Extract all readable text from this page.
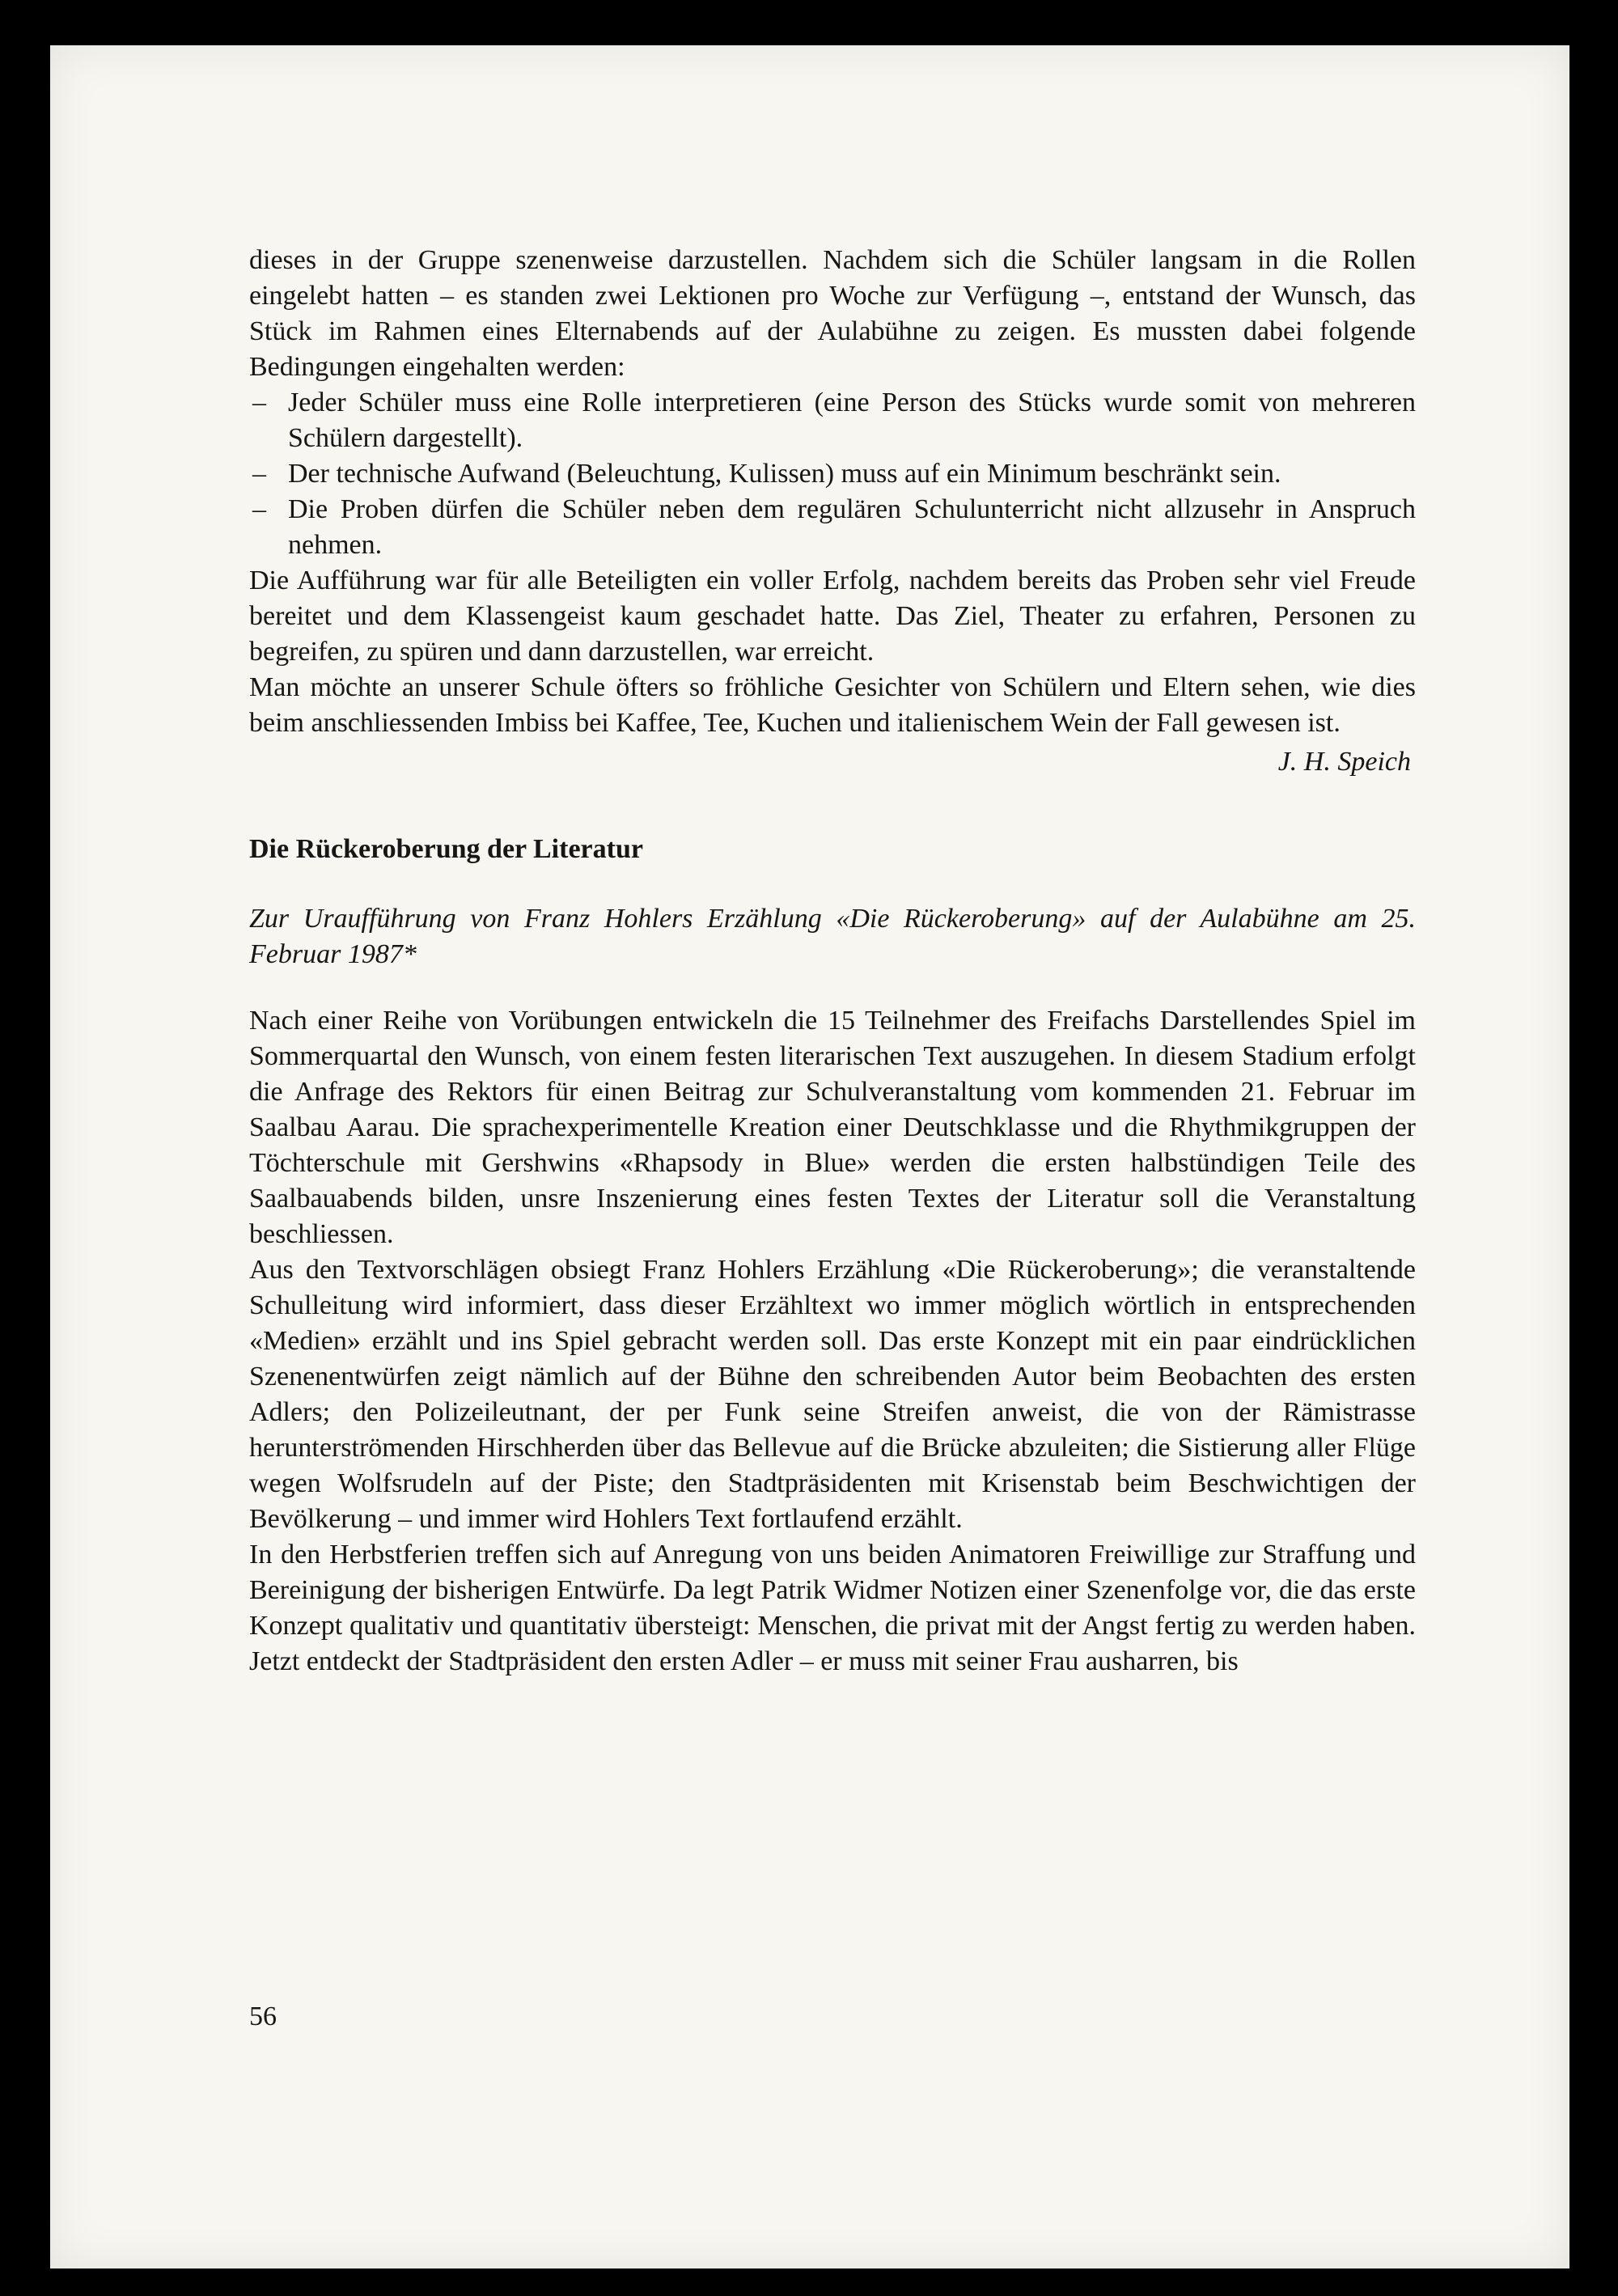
dieses in der Gruppe szenenweise darzustellen. Nachdem sich die Schüler langsam in die Rollen eingelebt hatten – es standen zwei Lektionen pro Woche zur Verfügung –, entstand der Wunsch, das Stück im Rahmen eines Elternabends auf der Aulabühne zu zeigen. Es mussten dabei folgende Bedingungen eingehalten werden:

– Jeder Schüler muss eine Rolle interpretieren (eine Person des Stücks wurde somit von mehreren Schülern dargestellt).
– Der technische Aufwand (Beleuchtung, Kulissen) muss auf ein Minimum beschränkt sein.
– Die Proben dürfen die Schüler neben dem regulären Schulunterricht nicht allzusehr in Anspruch nehmen.

Die Aufführung war für alle Beteiligten ein voller Erfolg, nachdem bereits das Proben sehr viel Freude bereitet und dem Klassengeist kaum geschadet hatte. Das Ziel, Theater zu erfahren, Personen zu begreifen, zu spüren und dann darzustellen, war erreicht.

Man möchte an unserer Schule öfters so fröhliche Gesichter von Schülern und Eltern sehen, wie dies beim anschliessenden Imbiss bei Kaffee, Tee, Kuchen und italienischem Wein der Fall gewesen ist.

J. H. Speich

Die Rückeroberung der Literatur

Zur Uraufführung von Franz Hohlers Erzählung «Die Rückeroberung» auf der Aulabühne am 25. Februar 1987*

Nach einer Reihe von Vorübungen entwickeln die 15 Teilnehmer des Freifachs Darstellendes Spiel im Sommerquartal den Wunsch, von einem festen literarischen Text auszugehen. In diesem Stadium erfolgt die Anfrage des Rektors für einen Beitrag zur Schulveranstaltung vom kommenden 21. Februar im Saalbau Aarau. Die sprachexperimentelle Kreation einer Deutschklasse und die Rhythmikgruppen der Töchterschule mit Gershwins «Rhapsody in Blue» werden die ersten halbstündigen Teile des Saalbauabends bilden, unsre Inszenierung eines festen Textes der Literatur soll die Veranstaltung beschliessen.

Aus den Textvorschlägen obsiegt Franz Hohlers Erzählung «Die Rückeroberung»; die veranstaltende Schulleitung wird informiert, dass dieser Erzähltext wo immer möglich wörtlich in entsprechenden «Medien» erzählt und ins Spiel gebracht werden soll. Das erste Konzept mit ein paar eindrücklichen Szenenentwürfen zeigt nämlich auf der Bühne den schreibenden Autor beim Beobachten des ersten Adlers; den Polizeileutnant, der per Funk seine Streifen anweist, die von der Rämistrasse herunterströmenden Hirschherden über das Bellevue auf die Brücke abzuleiten; die Sistierung aller Flüge wegen Wolfsrudeln auf der Piste; den Stadtpräsidenten mit Krisenstab beim Beschwichtigen der Bevölkerung – und immer wird Hohlers Text fortlaufend erzählt.

In den Herbstferien treffen sich auf Anregung von uns beiden Animatoren Freiwillige zur Straffung und Bereinigung der bisherigen Entwürfe. Da legt Patrik Widmer Notizen einer Szenenfolge vor, die das erste Konzept qualitativ und quantitativ übersteigt: Menschen, die privat mit der Angst fertig zu werden haben. Jetzt entdeckt der Stadtpräsident den ersten Adler – er muss mit seiner Frau ausharren, bis

56
